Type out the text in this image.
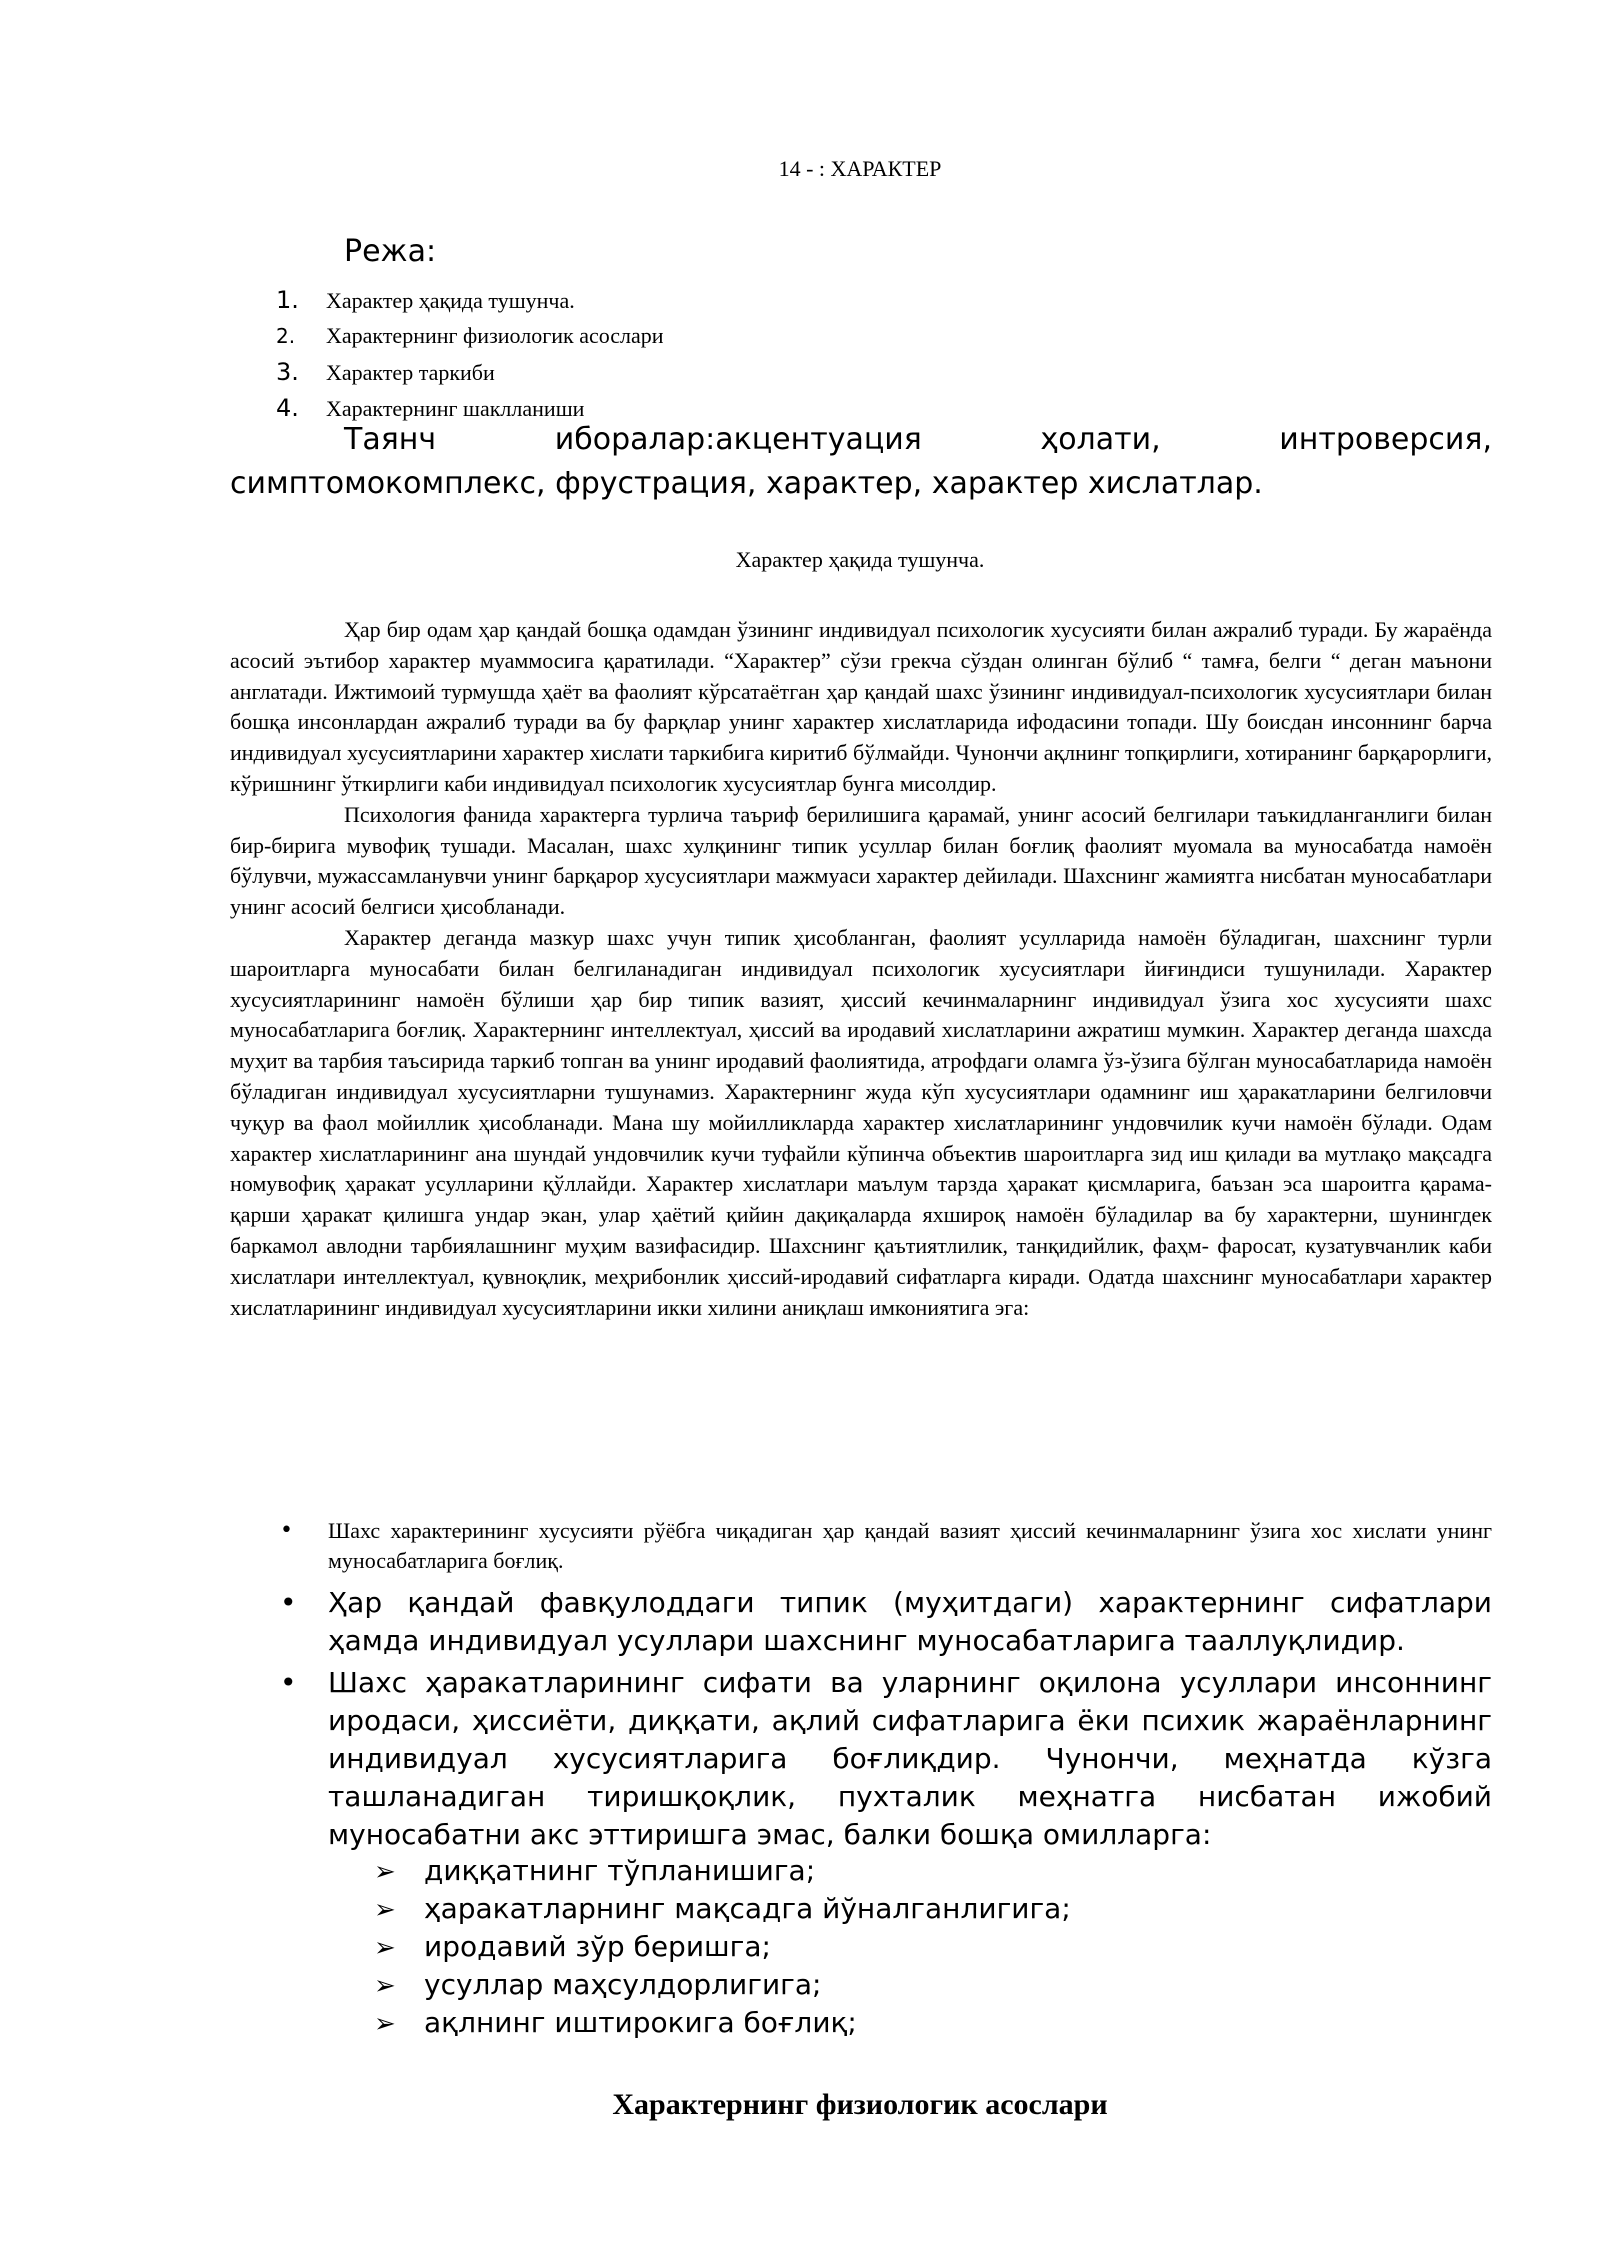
14 - : ХАРАКТЕР
Режа:
1. Характер ҳақида тушунча.
2. Характернинг физиологик асослари
3. Характер таркиби
4. Характернинг шаклланиши
Таянч иборалар:акцентуация ҳолати, интроверсия,
симптомокомплекс, фрустрация, характер, характер хислатлар.
Характер ҳақида тушунча.

Ҳар бир одам ҳар қандай бошқа одамдан ўзининг индивидуал психологик хусусияти билан ажралиб туради. Бу жараёнда асосий эътибор характер муаммосига қаратилади. “Характер” сўзи грекча сўздан олинган бўлиб “ тамға, белги “ деган маънони англатади. Ижтимоий турмушда ҳаёт ва фаолият кўрсатаётган ҳар қандай шахс ўзининг индивидуал-психологик хусусиятлари билан бошқа инсонлардан ажралиб туради ва бу фарқлар унинг характер хислатларида ифодасини топади. Шу боисдан инсоннинг барча индивидуал хусусиятларини характер хислати таркибига киритиб бўлмайди. Чунончи ақлнинг топқирлиги, хотиранинг барқарорлиги, кўришнинг ўткирлиги каби индивидуал психологик хусусиятлар бунга мисолдир.

Психология фанида характерга турлича таъриф берилишига қарамай, унинг асосий белгилари таъкидланганлиги билан бир-бирига мувофиқ тушади. Масалан, шахс хулқининг типик усуллар билан боғлиқ фаолият муомала ва муносабатда намоён бўлувчи, мужассамланувчи унинг барқарор хусусиятлари мажмуаси характер дейилади. Шахснинг жамиятга нисбатан муносабатлари унинг асосий белгиси ҳисобланади.

Характер деганда мазкур шахс учун типик ҳисобланган, фаолият усулларида намоён бўладиган, шахснинг турли шароитларга муносабати билан белгиланадиган индивидуал психологик хусусиятлари йиғиндиси тушунилади. Характер хусусиятларининг намоён бўлиши ҳар бир типик вазият, ҳиссий кечинмаларнинг индивидуал ўзига хос хусусияти шахс муносабатларига боғлиқ. Характернинг интеллектуал, ҳиссий ва иродавий хислатларини ажратиш мумкин. Характер деганда шахсда муҳит ва тарбия таъсирида таркиб топган ва унинг иродавий фаолиятида, атрофдаги оламга ўз-ўзига бўлган муносабатларида намоён бўладиган индивидуал хусусиятларни тушунамиз. Характернинг жуда кўп хусусиятлари одамнинг иш ҳаракатларини белгиловчи чуқур ва фаол мойиллик ҳисобланади. Мана шу мойилликларда характер хислатларининг ундовчилик кучи намоён бўлади. Одам характер хислатларининг ана шундай ундовчилик кучи туфайли кўпинча объектив шароитларга зид иш қилади ва мутлақо мақсадга номувофиқ ҳаракат усулларини қўллайди. Характер хислатлари маълум тарзда ҳаракат қисмларига, баъзан эса шароитга қарама-қарши ҳаракат қилишга ундар экан, улар ҳаётий қийин дақиқаларда яхшироқ намоён бўладилар ва бу характерни, шунингдек баркамол авлодни тарбиялашнинг муҳим вазифасидир. Шахснинг қаътиятлилик, танқидийлик, фаҳм- фаросат, кузатувчанлик каби хислатлари интеллектуал, қувноқлик, меҳрибонлик ҳиссий-иродавий сифатларга киради. Одатда шахснинг муносабатлари характер хислатларининг индивидуал хусусиятларини икки хилини аниқлаш имкониятига эга:

• Шахс характерининг хусусияти рўёбга чиқадиган ҳар қандай вазият ҳиссий кечинмаларнинг ўзига хос хислати унинг муносабатларига боғлиқ.
• Ҳар қандай фавқулоддаги типик (муҳитдаги) характернинг сифатлари ҳамда индивидуал усуллари шахснинг муносабатларига тааллуқлидир.
• Шахс ҳаракатларининг сифати ва уларнинг оқилона усуллари инсоннинг иродаси, ҳиссиёти, диққати, ақлий сифатларига ёки психик жараёнларнинг индивидуал хусусиятларига боғлиқдир. Чунончи, меҳнатда кўзга ташланадиган тиришқоқлик, пухталик меҳнатга нисбатан ижобий муносабатни акс эттиришга эмас, балки бошқа омилларга:
➢ диққатнинг тўпланишига;
➢ ҳаракатларнинг мақсадга йўналганлигига;
➢ иродавий зўр беришга;
➢ усуллар маҳсулдорлигига;
➢ ақлнинг иштирокига боғлиқ;
Характернинг физиологик асослари
